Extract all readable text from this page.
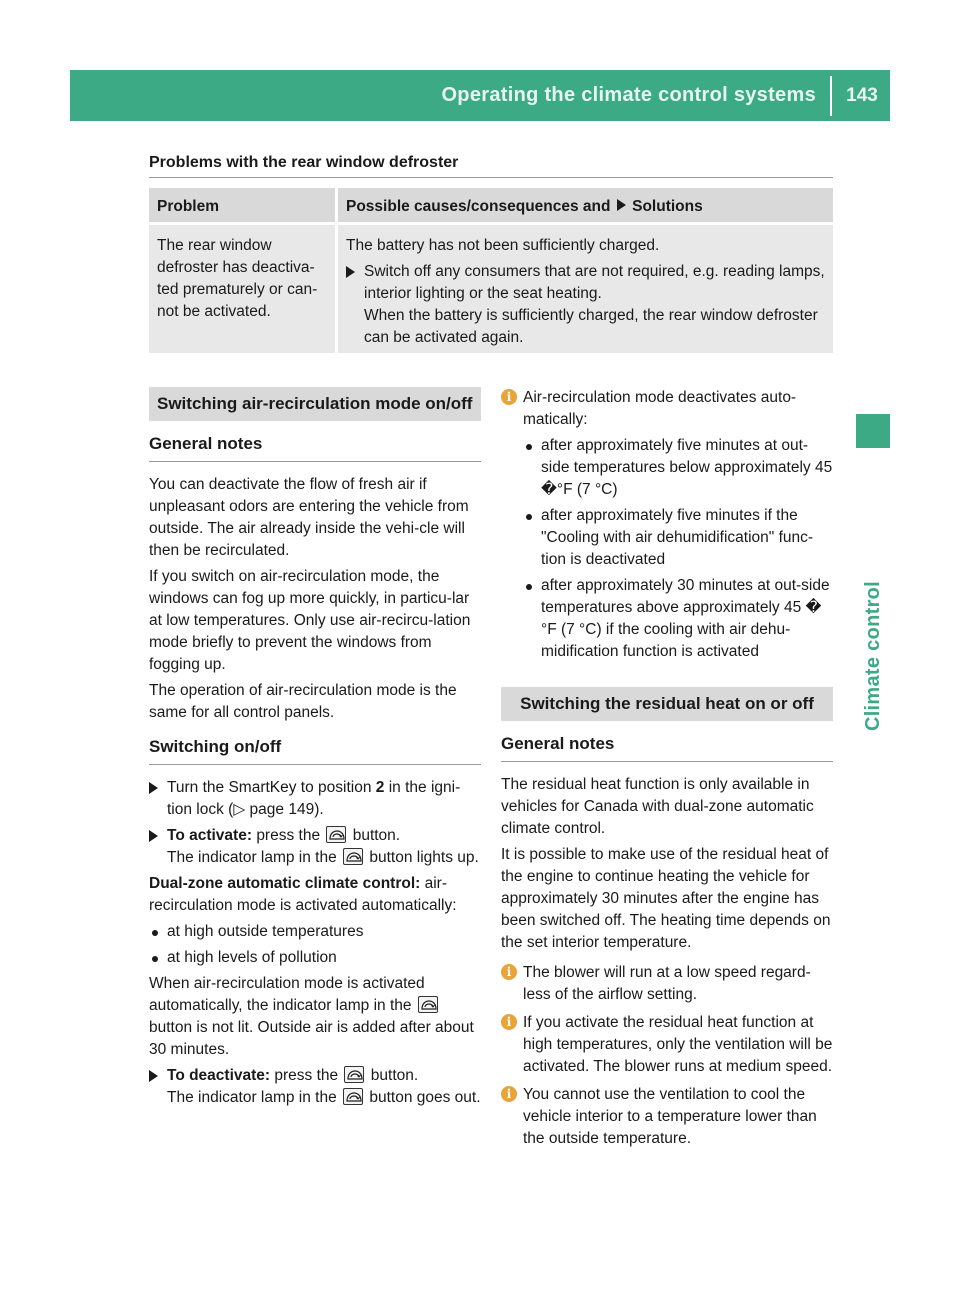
Operating the climate control systems	143
Climate control
Problems with the rear window defroster
Problem	Possible causes/consequences and Solutions
The rear window defroster has deactiva-ted prematurely or can-not be activated.

The battery has not been sufficiently charged.

Switch off any consumers that are not required, e.g. reading lamps, interior lighting or the seat heating.
When the battery is sufficiently charged, the rear window defroster can be activated again.
Switching air-recirculation mode on/off
General notes

You can deactivate the flow of fresh air if unpleasant odors are entering the vehicle from outside. The air already inside the vehi-cle will then be recirculated.

If you switch on air-recirculation mode, the windows can fog up more quickly, in particu-lar at low temperatures. Only use air-recircu-lation mode briefly to prevent the windows from fogging up.

The operation of air-recirculation mode is the same for all control panels.

Switching on/off
Turn the SmartKey to position 2 in the igni-tion lock (▷ page 149).
To activate: press the button.
The indicator lamp in the button lights up.

Dual-zone automatic climate control: air-recirculation mode is activated automatically:

at high outside temperatures
at high levels of pollution

When air-recirculation mode is activated automatically, the indicator lamp in the
button is not lit. Outside air is added after about 30 minutes.

To deactivate: press the button.
The indicator lamp in the button goes out.
i Air-recirculation mode deactivates auto-matically:
after approximately five minutes at out-side temperatures below approximately 45 �°F (7 °C)
after approximately five minutes if the "Cooling with air dehumidification" func-tion is deactivated
after approximately 30 minutes at out-side temperatures above approximately 45 � °F (7 °C) if the cooling with air dehu-midification function is activated
Switching the residual heat on or off
General notes

The residual heat function is only available in vehicles for Canada with dual-zone automatic climate control.

It is possible to make use of the residual heat of the engine to continue heating the vehicle for approximately 30 minutes after the engine has been switched off. The heating time depends on the set interior temperature.

i The blower will run at a low speed regard-less of the airflow setting.
i If you activate the residual heat function at high temperatures, only the ventilation will be activated. The blower runs at medium speed.
i You cannot use the ventilation to cool the vehicle interior to a temperature lower than the outside temperature.
